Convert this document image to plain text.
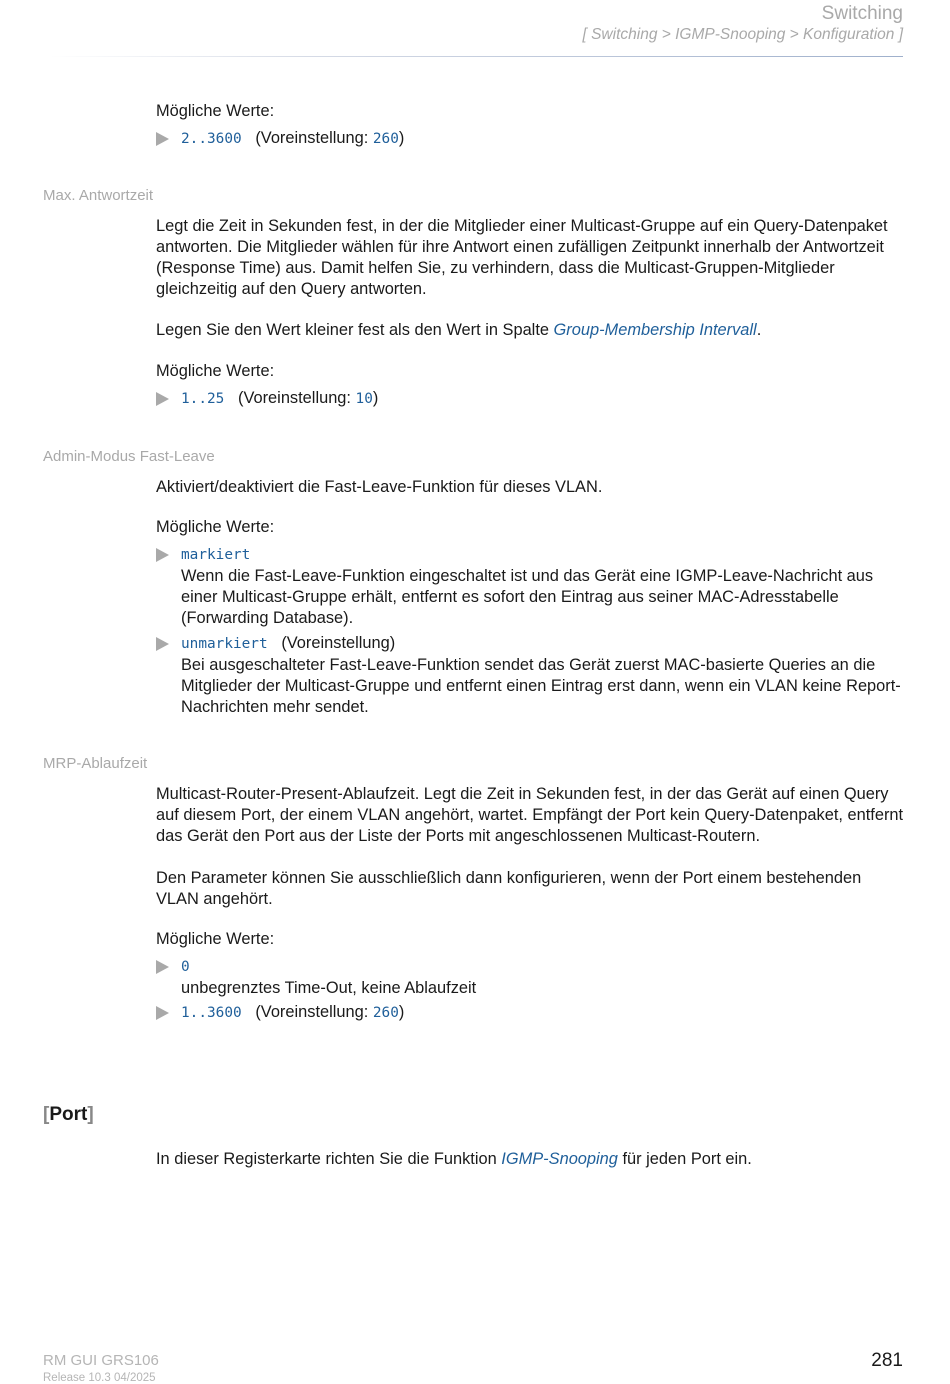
Switching
[ Switching > IGMP-Snooping > Konfiguration ]
Mögliche Werte:
2..3600 (Voreinstellung: 260)
Max. Antwortzeit

Legt die Zeit in Sekunden fest, in der die Mitglieder einer Multicast-Gruppe auf ein Query-Datenpaket antworten. Die Mitglieder wählen für ihre Antwort einen zufälligen Zeitpunkt innerhalb der Antwortzeit (Response Time) aus. Damit helfen Sie, zu verhindern, dass die Multicast-Gruppen-Mitglieder gleichzeitig auf den Query antworten.

Legen Sie den Wert kleiner fest als den Wert in Spalte Group-Membership Intervall.

Mögliche Werte:
1..25 (Voreinstellung: 10)
Admin-Modus Fast-Leave

Aktiviert/deaktiviert die Fast-Leave-Funktion für dieses VLAN.

Mögliche Werte:
markiert
Wenn die Fast-Leave-Funktion eingeschaltet ist und das Gerät eine IGMP-Leave-Nachricht aus einer Multicast-Gruppe erhält, entfernt es sofort den Eintrag aus seiner MAC-Adresstabelle (Forwarding Database).
unmarkiert (Voreinstellung)
Bei ausgeschalteter Fast-Leave-Funktion sendet das Gerät zuerst MAC-basierte Queries an die Mitglieder der Multicast-Gruppe und entfernt einen Eintrag erst dann, wenn ein VLAN keine Report-Nachrichten mehr sendet.
MRP-Ablaufzeit

Multicast-Router-Present-Ablaufzeit. Legt die Zeit in Sekunden fest, in der das Gerät auf einen Query auf diesem Port, der einem VLAN angehört, wartet. Empfängt der Port kein Query-Datenpaket, entfernt das Gerät den Port aus der Liste der Ports mit angeschlossenen Multicast-Routern.

Den Parameter können Sie ausschließlich dann konfigurieren, wenn der Port einem bestehenden VLAN angehört.

Mögliche Werte:
0
unbegrenztes Time-Out, keine Ablaufzeit
1..3600 (Voreinstellung: 260)
[Port]

In dieser Registerkarte richten Sie die Funktion IGMP-Snooping für jeden Port ein.

RM GUI GRS106
Release 10.3 04/2025
281
